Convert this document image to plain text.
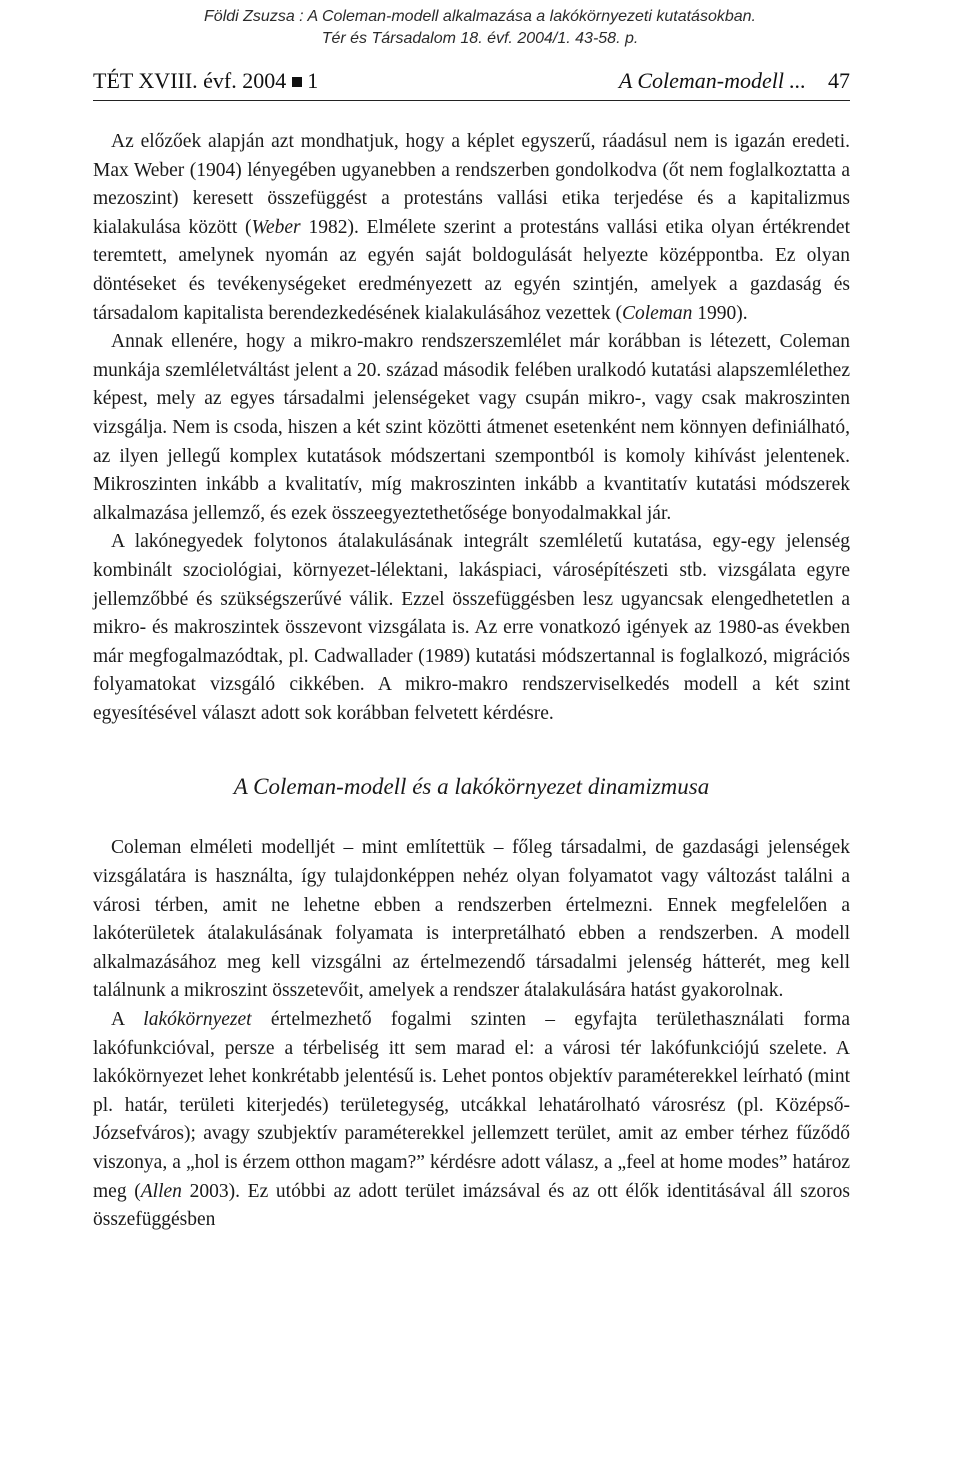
Földi Zsuzsa : A Coleman-modell alkalmazása a lakókörnyezeti kutatásokban.
Tér és Társadalom 18. évf. 2004/1. 43-58. p.
TÉT XVIII. évf. 2004 1	A Coleman-modell ... 47

Az előzőek alapján azt mondhatjuk, hogy a képlet egyszerű, ráadásul nem is igazán eredeti. Max Weber (1904) lényegében ugyanebben a rendszerben gondolkodva (őt nem foglalkoztatta a mezoszint) keresett összefüggést a protestáns vallási etika terjedése és a kapitalizmus kialakulása között (Weber 1982). Elmélete szerint a protestáns vallási etika olyan értékrendet teremtett, amelynek nyomán az egyén saját boldogulását helyezte középpontba. Ez olyan döntéseket és tevékenységeket eredményezett az egyén szintjén, amelyek a gazdaság és társadalom kapitalista berendezkedésének kialakulásához vezettek (Coleman 1990).

Annak ellenére, hogy a mikro-makro rendszerszemlélet már korábban is létezett, Coleman munkája szemléletváltást jelent a 20. század második felében uralkodó kutatási alapszemlélethez képest, mely az egyes társadalmi jelenségeket vagy csupán mikro-, vagy csak makroszinten vizsgálja. Nem is csoda, hiszen a két szint közötti átmenet esetenként nem könnyen definiálható, az ilyen jellegű komplex kutatások módszertani szempontból is komoly kihívást jelentenek. Mikroszinten inkább a kvalitatív, míg makroszinten inkább a kvantitatív kutatási módszerek alkalmazása jellemző, és ezek összeegyeztethetősége bonyodalmakkal jár.

A lakónegyedek folytonos átalakulásának integrált szemléletű kutatása, egy-egy jelenség kombinált szociológiai, környezet-lélektani, lakáspiaci, városépítészeti stb. vizsgálata egyre jellemzőbbé és szükségszerűvé válik. Ezzel összefüggésben lesz ugyancsak elengedhetetlen a mikro- és makroszintek összevont vizsgálata is. Az erre vonatkozó igények az 1980-as években már megfogalmazódtak, pl. Cadwallader (1989) kutatási módszertannal is foglalkozó, migrációs folyamatokat vizsgáló cikkében. A mikro-makro rendszerviselkedés modell a két szint egyesítésével választ adott sok korábban felvetett kérdésre.

A Coleman-modell és a lakókörnyezet dinamizmusa

Coleman elméleti modelljét – mint említettük – főleg társadalmi, de gazdasági jelenségek vizsgálatára is használta, így tulajdonképpen nehéz olyan folyamatot vagy változást találni a városi térben, amit ne lehetne ebben a rendszerben értelmezni. Ennek megfelelően a lakóterületek átalakulásának folyamata is interpretálható ebben a rendszerben. A modell alkalmazásához meg kell vizsgálni az értelmezendő társadalmi jelenség hátterét, meg kell találnunk a mikroszint összetevőit, amelyek a rendszer átalakulására hatást gyakorolnak.

A lakókörnyezet értelmezhető fogalmi szinten – egyfajta területhasználati forma lakófunkcióval, persze a térbeliség itt sem marad el: a városi tér lakófunkciójú szelete. A lakókörnyezet lehet konkrétabb jelentésű is. Lehet pontos objektív paraméterekkel leírható (mint pl. határ, területi kiterjedés) területegység, utcákkal lehatárolható városrész (pl. Középső-Józsefváros); avagy szubjektív paraméterekkel jellemzett terület, amit az ember térhez fűződő viszonya, a „hol is érzem otthon magam?” kérdésre adott válasz, a „feel at home modes” határoz meg (Allen 2003). Ez utóbbi az adott terület imázsával és az ott élők identitásával áll szoros összefüggésben
